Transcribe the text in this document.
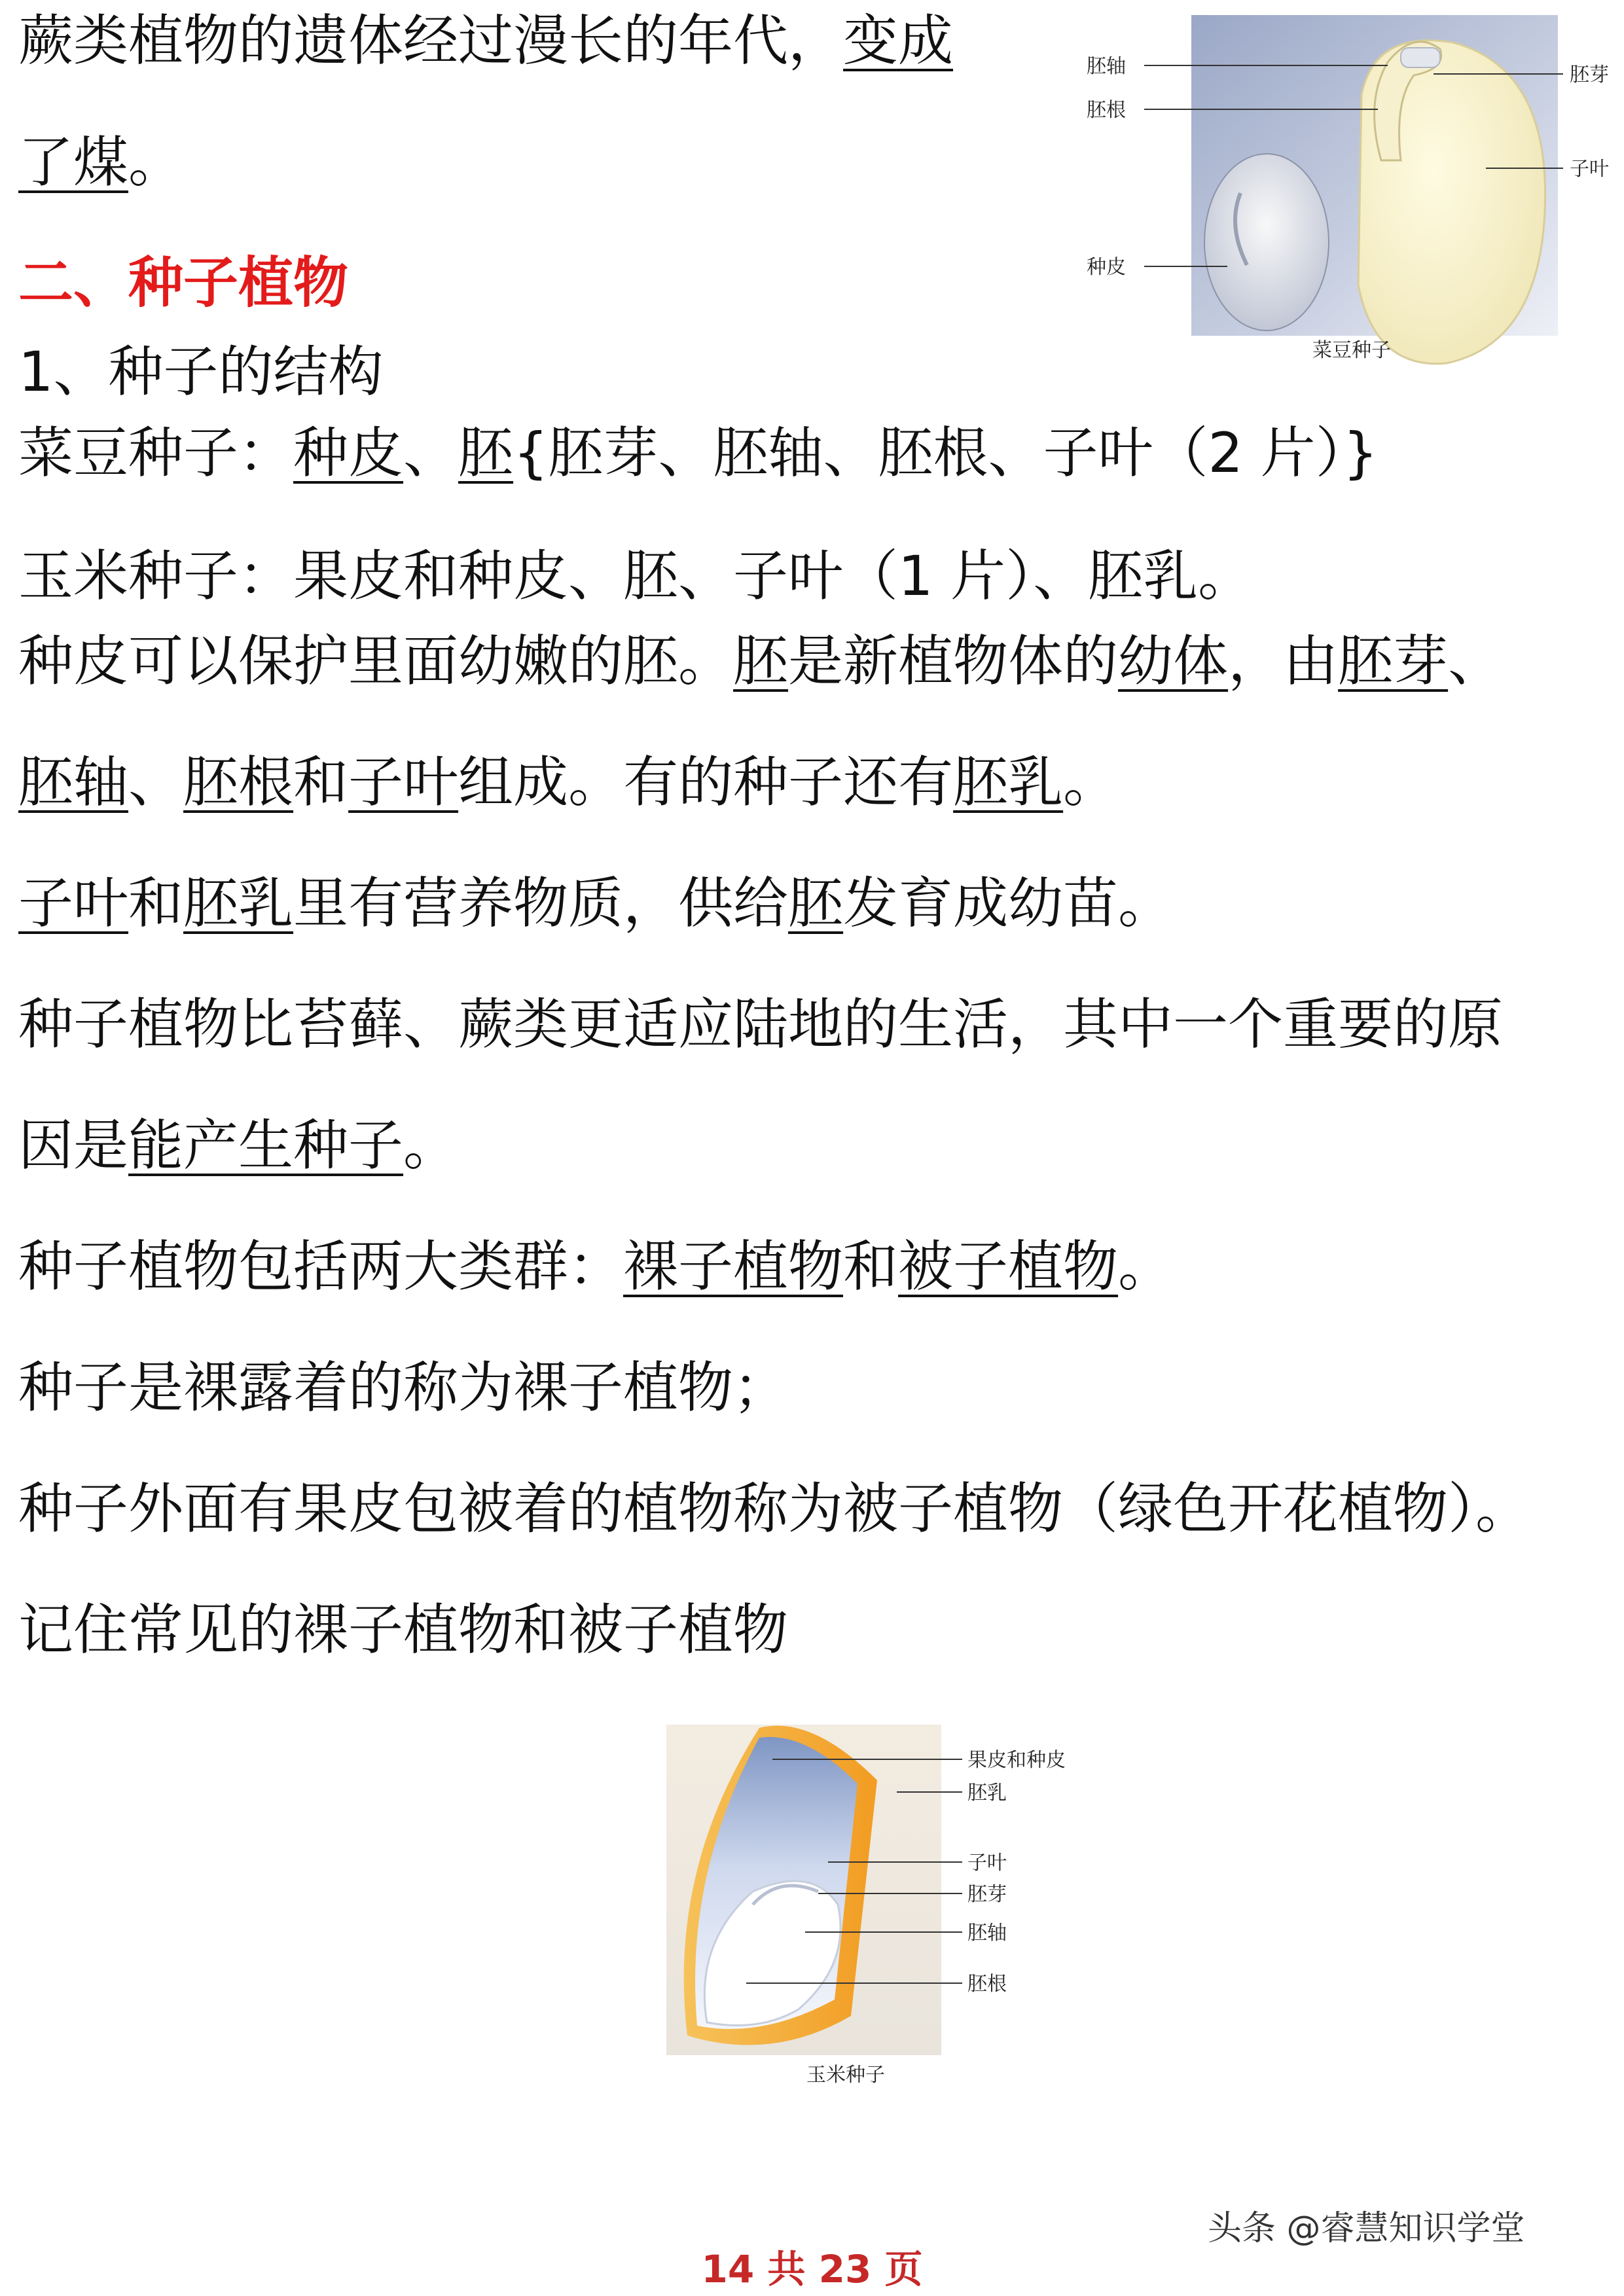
蕨类植物的遗体经过漫长的年代，变成
了煤。
二、种子植物
1、种子的结构
菜豆种子：种皮、胚{胚芽、胚轴、胚根、子叶（2 片）}
玉米种子：果皮和种皮、胚、子叶（1 片）、胚乳。
种皮可以保护里面幼嫩的胚。胚是新植物体的幼体，由胚芽、
胚轴、胚根和子叶组成。有的种子还有胚乳。
子叶和胚乳里有营养物质，供给胚发育成幼苗。
种子植物比苔藓、蕨类更适应陆地的生活，其中一个重要的原
因是能产生种子。
种子植物包括两大类群：裸子植物和被子植物。
种子是裸露着的称为裸子植物；
种子外面有果皮包被着的植物称为被子植物（绿色开花植物）。
记住常见的裸子植物和被子植物
胚轴
胚根
种皮
胚芽
子叶
菜豆种子
果皮和种皮
胚乳
子叶
胚芽
胚轴
胚根
玉米种子
头条 @睿慧知识学堂
14 共 23 页
